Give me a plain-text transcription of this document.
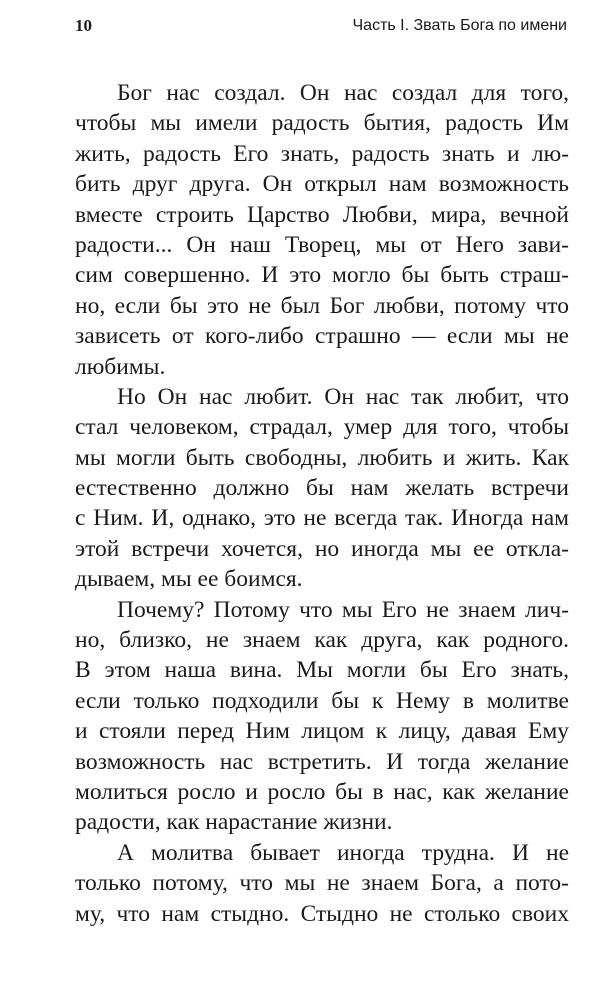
10	Часть I. Звать Бога по имени
Бог нас создал. Он нас создал для того,
чтобы мы имели радость бытия, радость Им
жить, радость Его знать, радость знать и лю-
бить друг друга. Он открыл нам возможность
вместе строить Царство Любви, мира, вечной
радости... Он наш Творец, мы от Него зави-
сим совершенно. И это могло бы быть страш-
но, если бы это не был Бог любви, потому что
зависеть от кого-либо страшно — если мы не
любимы.
Но Он нас любит. Он нас так любит, что
стал человеком, страдал, умер для того, чтобы
мы могли быть свободны, любить и жить. Как
естественно должно бы нам желать встречи
с Ним. И, однако, это не всегда так. Иногда нам
этой встречи хочется, но иногда мы ее откла-
дываем, мы ее боимся.
Почему? Потому что мы Его не знаем лич-
но, близко, не знаем как друга, как родного.
В этом наша вина. Мы могли бы Его знать,
если только подходили бы к Нему в молитве
и стояли перед Ним лицом к лицу, давая Ему
возможность нас встретить. И тогда желание
молиться росло и росло бы в нас, как желание
радости, как нарастание жизни.
А молитва бывает иногда трудна. И не
только потому, что мы не знаем Бога, а пото-
му, что нам стыдно. Стыдно не столько своих
